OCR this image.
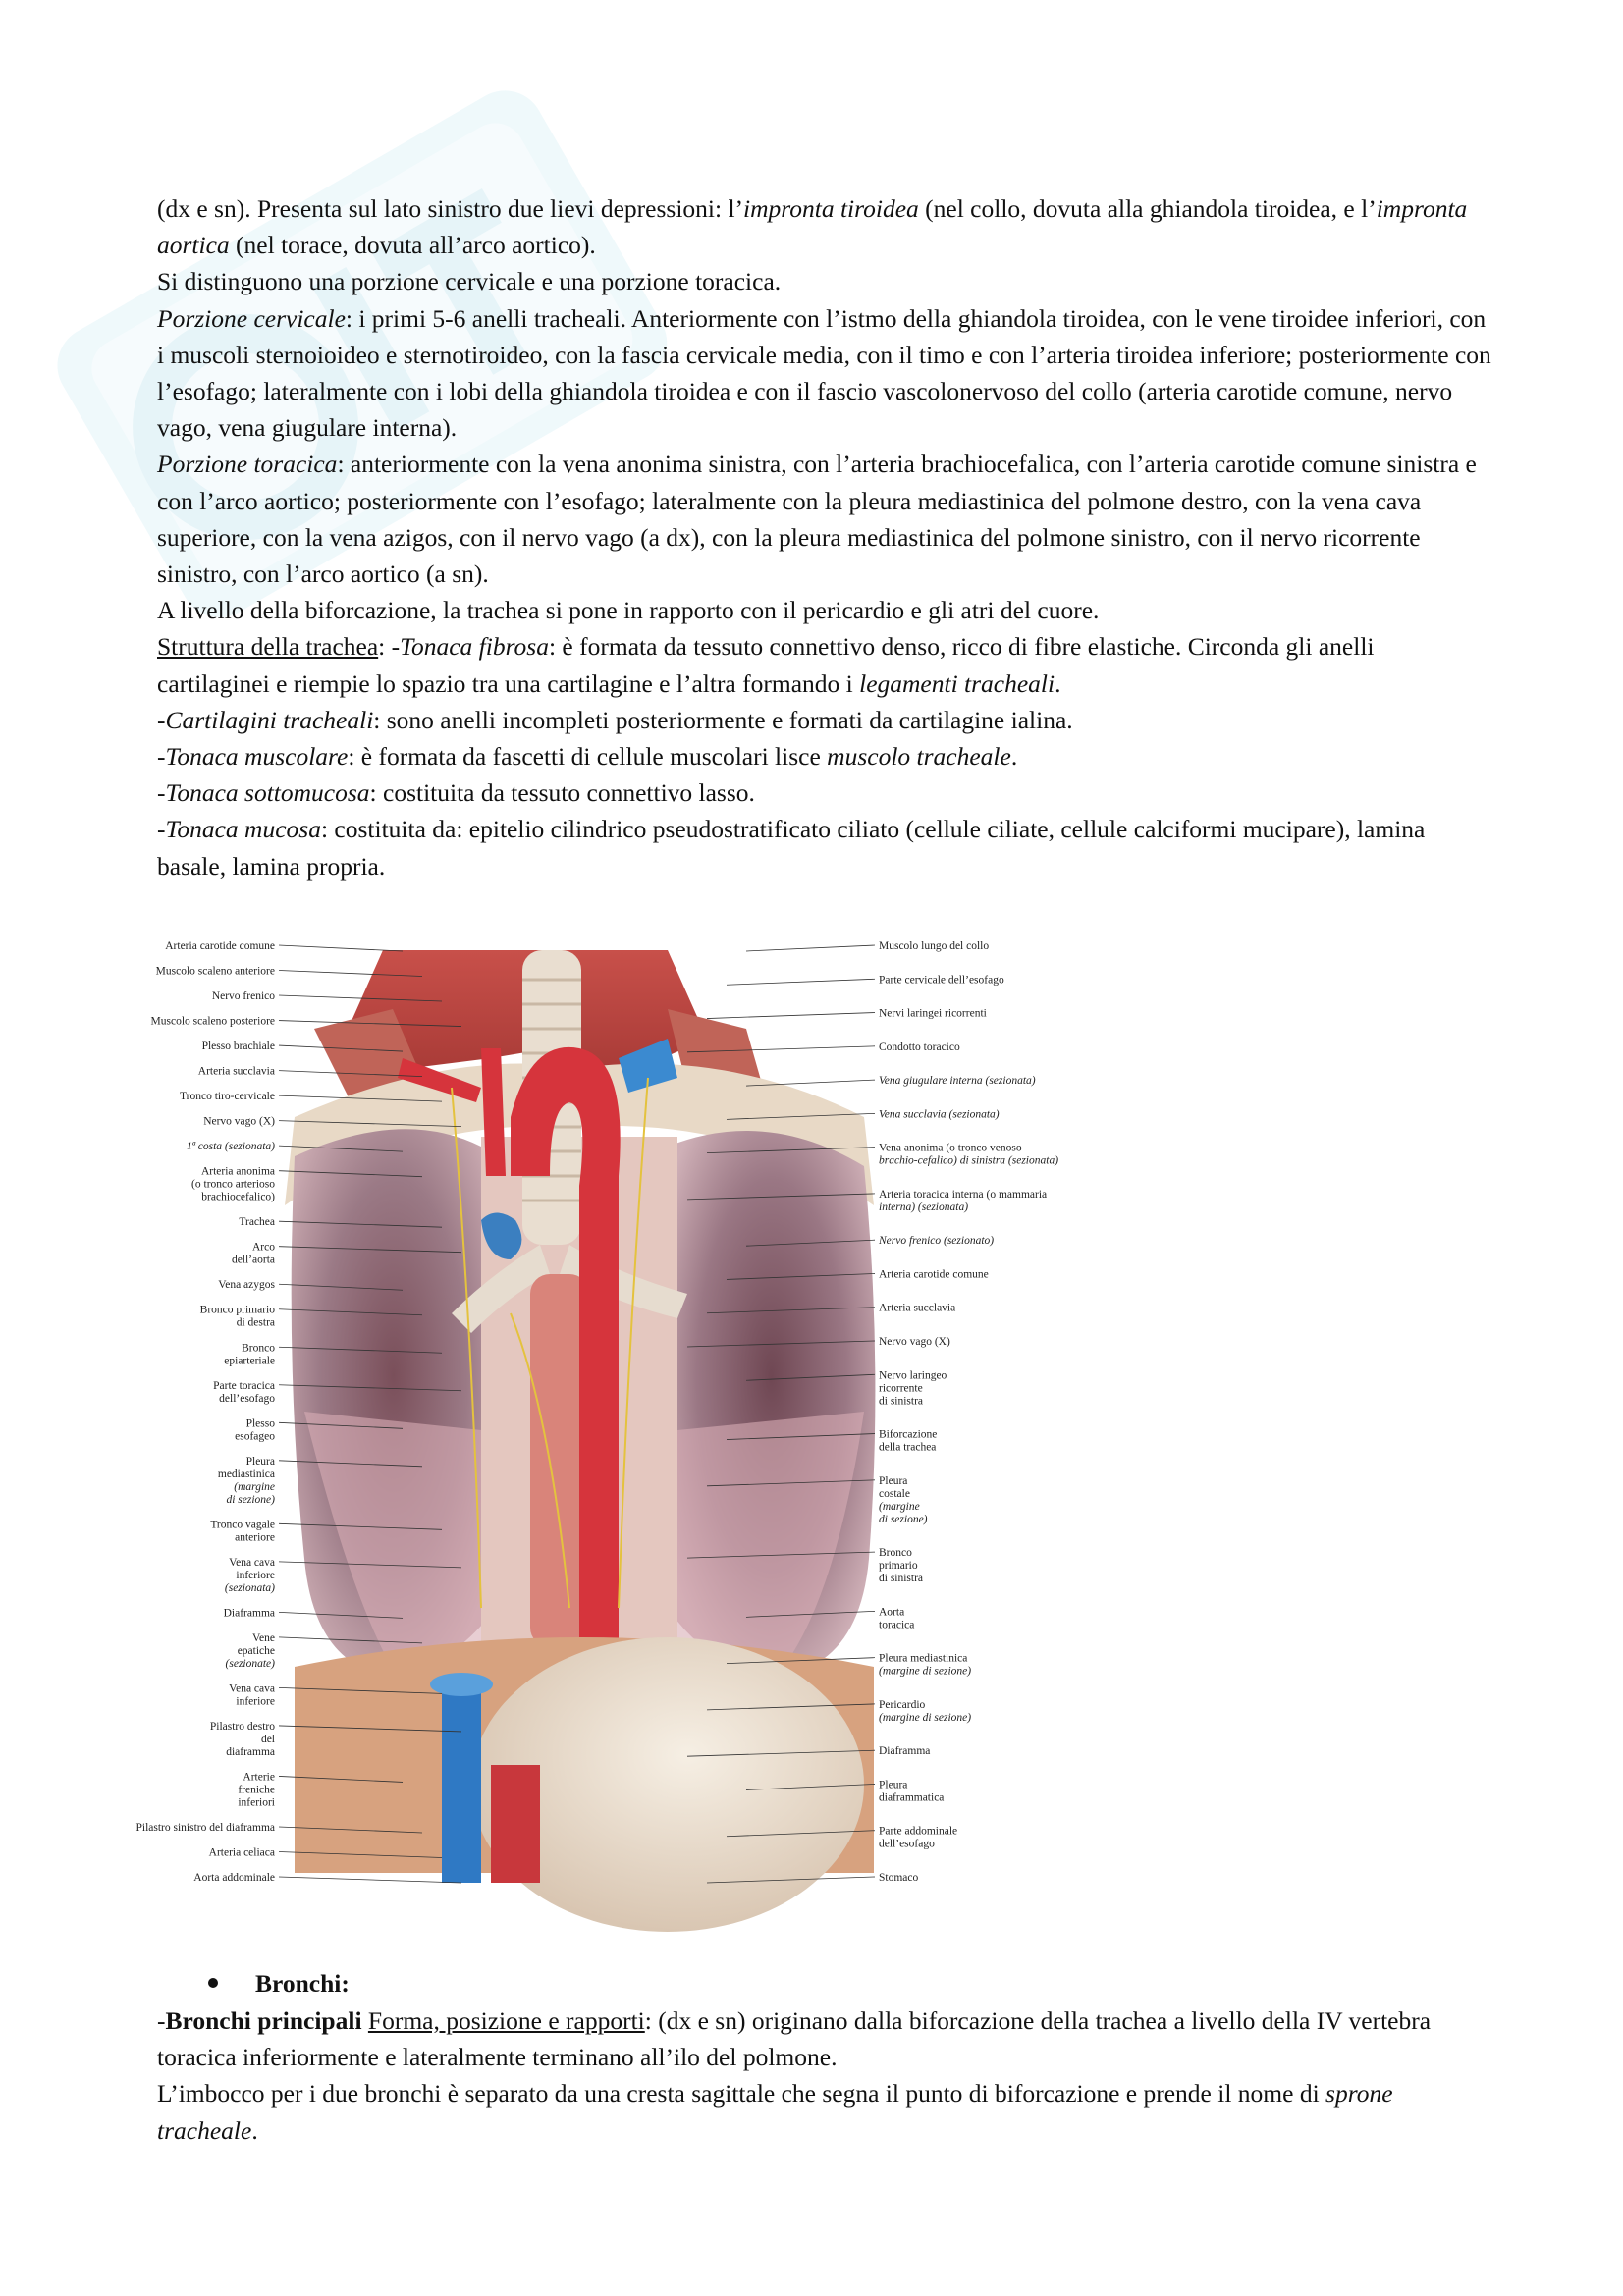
(dx e sn). Presenta sul lato sinistro due lievi depressioni: l’impronta tiroidea (nel collo, dovuta alla ghiandola tiroidea, e l’impronta aortica (nel torace, dovuta all’arco aortico).

Si distinguono una porzione cervicale e una porzione toracica.

Porzione cervicale: i primi 5-6 anelli tracheali. Anteriormente con l’istmo della ghiandola tiroidea, con le vene tiroidee inferiori, con i muscoli sternoioideo e sternotiroideo, con la fascia cervicale media, con il timo e con l’arteria tiroidea inferiore; posteriormente con l’esofago; lateralmente con i lobi della ghiandola tiroidea e con il fascio vascolonervoso del collo (arteria carotide comune, nervo vago, vena giugulare interna).

Porzione toracica: anteriormente con la vena anonima sinistra, con l’arteria brachiocefalica, con l’arteria carotide comune sinistra e con l’arco aortico; posteriormente con l’esofago; lateralmente con la pleura mediastinica del polmone destro, con la vena cava superiore, con la vena azigos, con il nervo vago (a dx), con la pleura mediastinica del polmone sinistro, con il nervo ricorrente sinistro, con l’arco aortico (a sn).

A livello della biforcazione, la trachea si pone in rapporto con il pericardio e gli atri del cuore.

Struttura della trachea: -Tonaca fibrosa: è formata da tessuto connettivo denso, ricco di fibre elastiche. Circonda gli anelli cartilaginei e riempie lo spazio tra una cartilagine e l’altra formando i legamenti tracheali.

-Cartilagini tracheali: sono anelli incompleti posteriormente e formati da cartilagine ialina.

-Tonaca muscolare: è formata da fascetti di cellule muscolari lisce muscolo tracheale.

-Tonaca sottomucosa: costituita da tessuto connettivo lasso.

-Tonaca mucosa: costituita da: epitelio cilindrico pseudostratificato ciliato (cellule ciliate, cellule calciformi mucipare), lamina basale, lamina propria.

Arteria carotide comune
Muscolo scaleno anteriore
Nervo frenico
Muscolo scaleno posteriore
Plesso brachiale
Arteria succlavia
Tronco tiro-cervicale
Nervo vago (X)
1ª costa (sezionata)
Arteria anonima (o tronco arterioso brachiocefalico)
Trachea
Arco dell’aorta
Vena azygos
Bronco primario di destra
Bronco epiarteriale
Parte toracica dell’esofago
Plesso esofageo
Pleura mediastinica (margine di sezione)
Tronco vagale anteriore
Vena cava inferiore (sezionata)
Diaframma
Vene epatiche (sezionate)
Vena cava inferiore
Pilastro destro del diaframma
Arterie freniche inferiori
Pilastro sinistro del diaframma
Arteria celiaca
Aorta addominale
Muscolo lungo del collo
Parte cervicale dell’esofago
Nervi laringei ricorrenti
Condotto toracico
Vena giugulare interna (sezionata)
Vena succlavia (sezionata)
Vena anonima (o tronco venoso brachio-cefalico) di sinistra (sezionata)
Arteria toracica interna (o mammaria interna) (sezionata)
Nervo frenico (sezionato)
Arteria carotide comune
Arteria succlavia
Nervo vago (X)
Nervo laringeo ricorrente di sinistra
Biforcazione della trachea
Pleura costale (margine di sezione)
Bronco primario di sinistra
Aorta toracica
Pleura mediastinica (margine di sezione)
Pericardio (margine di sezione)
Diaframma
Pleura diaframmatica
Parte addominale dell’esofago
Stomaco
Bronchi:

-Bronchi principali Forma, posizione e rapporti: (dx e sn) originano dalla biforcazione della trachea a livello della IV vertebra toracica inferiormente e lateralmente terminano all’ilo del polmone.

L’imbocco per i due bronchi è separato da una cresta sagittale che segna il punto di biforcazione e prende il nome di sprone tracheale.
